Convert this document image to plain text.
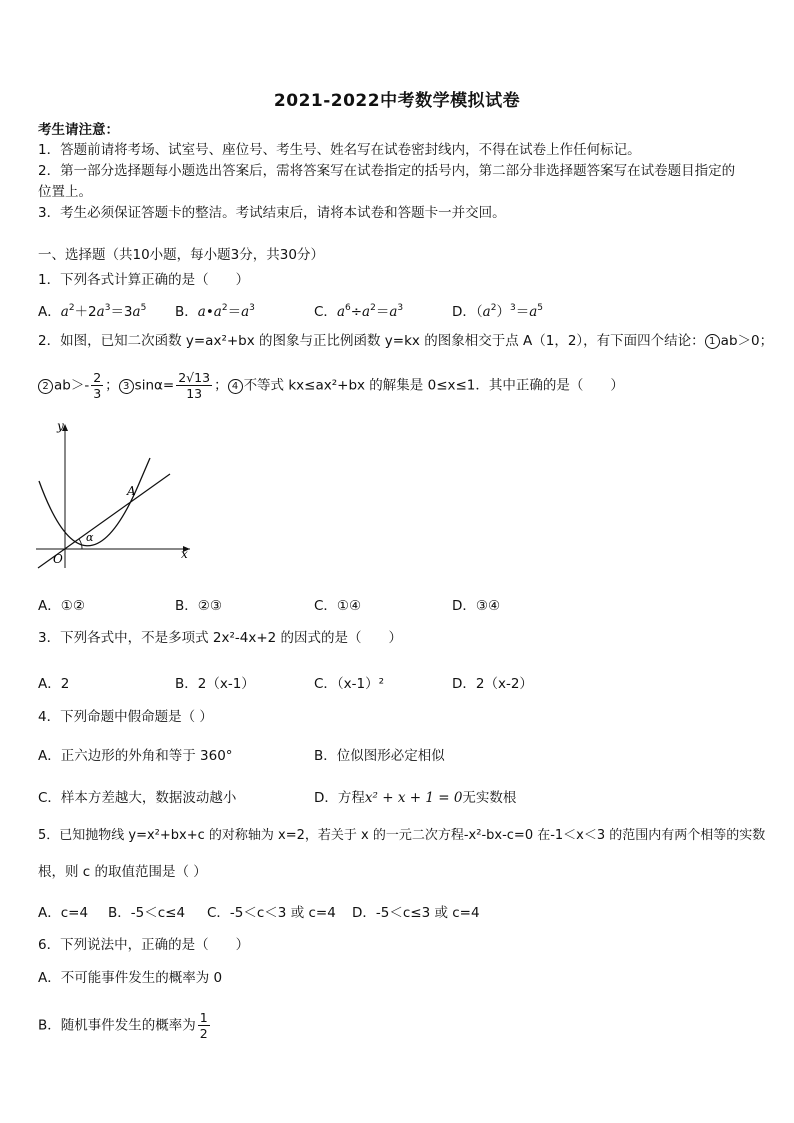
2021-2022中考数学模拟试卷
考生请注意：
1．答题前请将考场、试室号、座位号、考生号、姓名写在试卷密封线内，不得在试卷上作任何标记。
2．第一部分选择题每小题选出答案后，需将答案写在试卷指定的括号内，第二部分非选择题答案写在试卷题目指定的
位置上。
3．考生必须保证答题卡的整洁。考试结束后，请将本试卷和答题卡一并交回。
一、选择题（共10小题，每小题3分，共30分）
1．下列各式计算正确的是（　　）
A．$a^2+2a^3=3a^5$ B．$a•a^2=a^3$	C．$a^6\div a^2=a^3$	D．$(a^2)^3=a^5$
2．如图，已知二次函数 y=ax²+bx 的图象与正比例函数 y=kx 的图象相交于点 A（1，2），有下面四个结论： 1 ab＞0；
2 $ab>- \frac{2}{3}$ ； 3 $\sin\alpha= \frac{2√13}{13}$ ； 4 不等式 kx≤ax²+bx 的解集是 0≤x≤1．其中正确的是（　　）
y
x
O
A
α
A．①②	B．②③	C．①④	D．③④
3．下列各式中，不是多项式 2x²-4x+2 的因式的是（　　）
A．2	B．2（x-1）	C．（x-1）²	D．2（x-2）
4．下列命题中假命题是（ ）
A．正六边形的外角和等于 360°	B．位似图形必定相似
C．样本方差越大，数据波动越小	D．方程x² + x + 1 = 0无实数根
5．已知抛物线 y=x²+bx+c 的对称轴为 x=2，若关于 x 的一元二次方程-x²-bx-c=0 在-1＜x＜3 的范围内有两个相等的实数
根，则 c 的取值范围是（ ）
A．c=4 B．-5＜c≤4 C．-5＜c＜3 或 c=4 D．-5＜c≤3 或 c=4
6．下列说法中，正确的是（　　）
A．不可能事件发生的概率为 0
B．随机事件发生的概率为 $\frac{1}{2}$
